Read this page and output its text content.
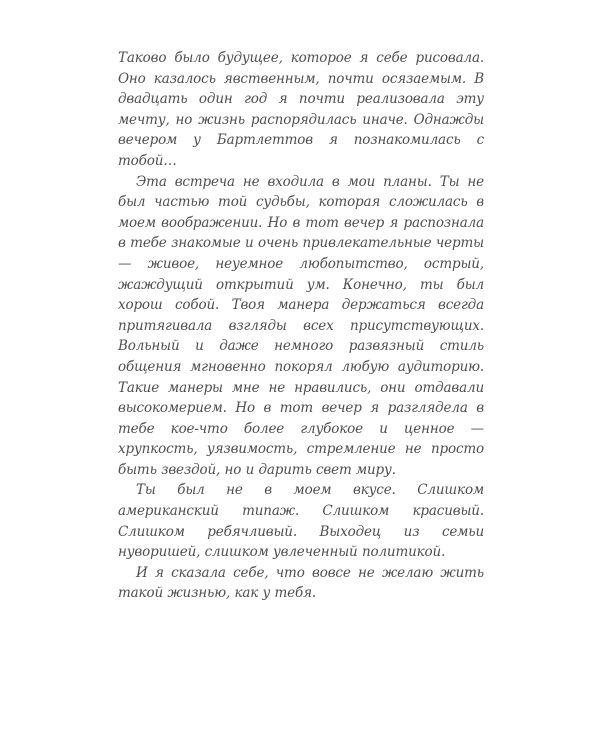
Таково было будущее, которое я себе рисовала. Оно казалось явственным, почти осязаемым. В двадцать один год я почти реализовала эту мечту, но жизнь распорядилась иначе. Однажды вечером у Бартлеттов я познакомилась с тобой…

Эта встреча не входила в мои планы. Ты не был частью той судьбы, которая сложилась в моем воображении. Но в тот вечер я распознала в тебе знакомые и очень привлекательные черты — живое, неуемное любопытство, острый, жаждущий открытий ум. Конечно, ты был хорош собой. Твоя манера держаться всегда притягивала взгляды всех присутствующих. Вольный и даже немного развязный стиль общения мгновенно покорял любую аудиторию. Такие манеры мне не нравились, они отдавали высокомерием. Но в тот вечер я разглядела в тебе кое-что более глубокое и ценное — хрупкость, уязвимость, стремление не просто быть звездой, но и дарить свет миру.

Ты был не в моем вкусе. Слишком американский типаж. Слишком красивый. Слишком ребячливый. Выходец из семьи нуворишей, слишком увлеченный политикой.

И я сказала себе, что вовсе не желаю жить такой жизнью, как у тебя.
